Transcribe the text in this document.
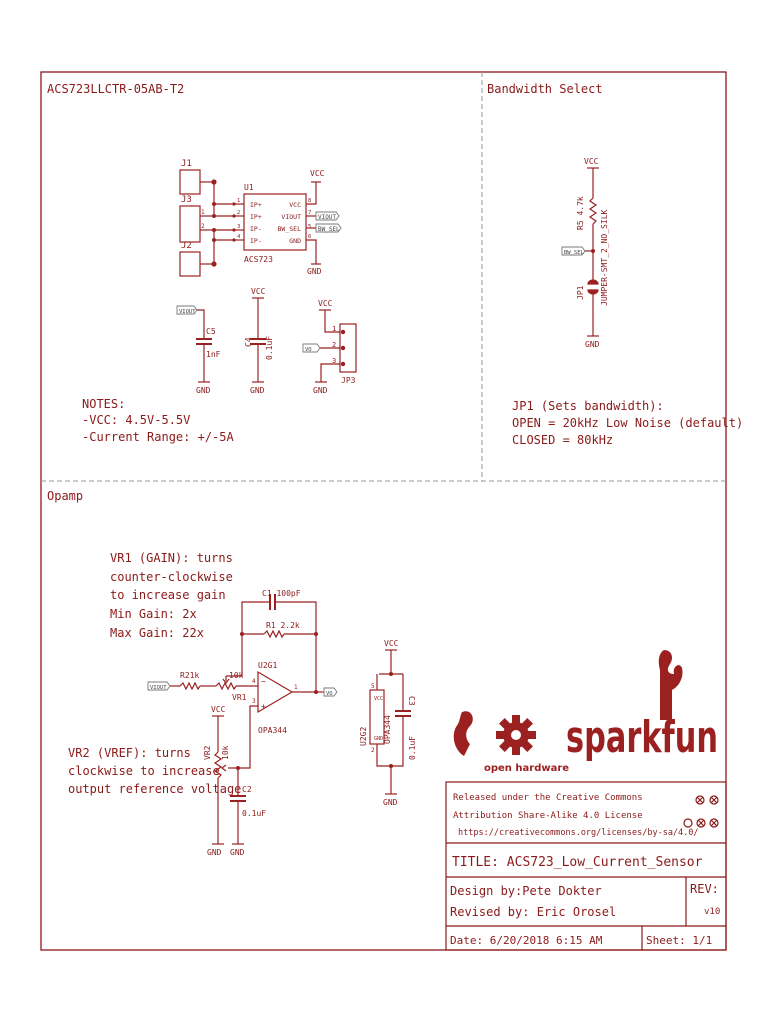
ACS723LLCTR-05AB-T2	Bandwidth Select
Opamp
J1
J3
1
2
J2
U1
ACS723
IP+
IP+
IP-
IP-
VCC
VIOUT
BW_SEL
GND
1
2
3
4
8
7
5
6
VCC
GND
VIOUT
BW_SEL
VIOUT
C5
1nF
GND
VCC
C4 0.1uF
GND
VCC
1
2
3
VO
JP3
GND
NOTES:
-VCC: 4.5V-5.5V
-Current Range: +/-5A
VCC
R5 4.7k JUMPER-SMT_2_NO_SILK
BW_SEL
JP1
GND
JP1 (Sets bandwidth):
OPEN = 20kHz Low Noise (default)
CLOSED = 80kHz
VR1 (GAIN): turns
counter-clockwise
to increase gain
Min Gain: 2x
Max Gain: 22x
VR2 (VREF): turns
clockwise to increase
output reference voltage
−
+
4
3
1
VIOUT
VO
R21k	10k
VR1
C1 100pF
R1 2.2k
U2G1
OPA344
VCC
VR2 10k
C2
0.1uF
GND GND
VCC
VCC
GND
5
2
U2G2 OPA344
C3
0.1uF
GND
open hardware
sparkfun
Released under the Creative Commons
Attribution Share-Alike 4.0 License
https://creativecommons.org/licenses/by-sa/4.0/
TITLE: ACS723_Low_Current_Sensor
Design by:Pete Dokter
Revised by: Eric Orosel
REV:
v10
Date: 6/20/2018 6:15 AM	Sheet: 1/1
